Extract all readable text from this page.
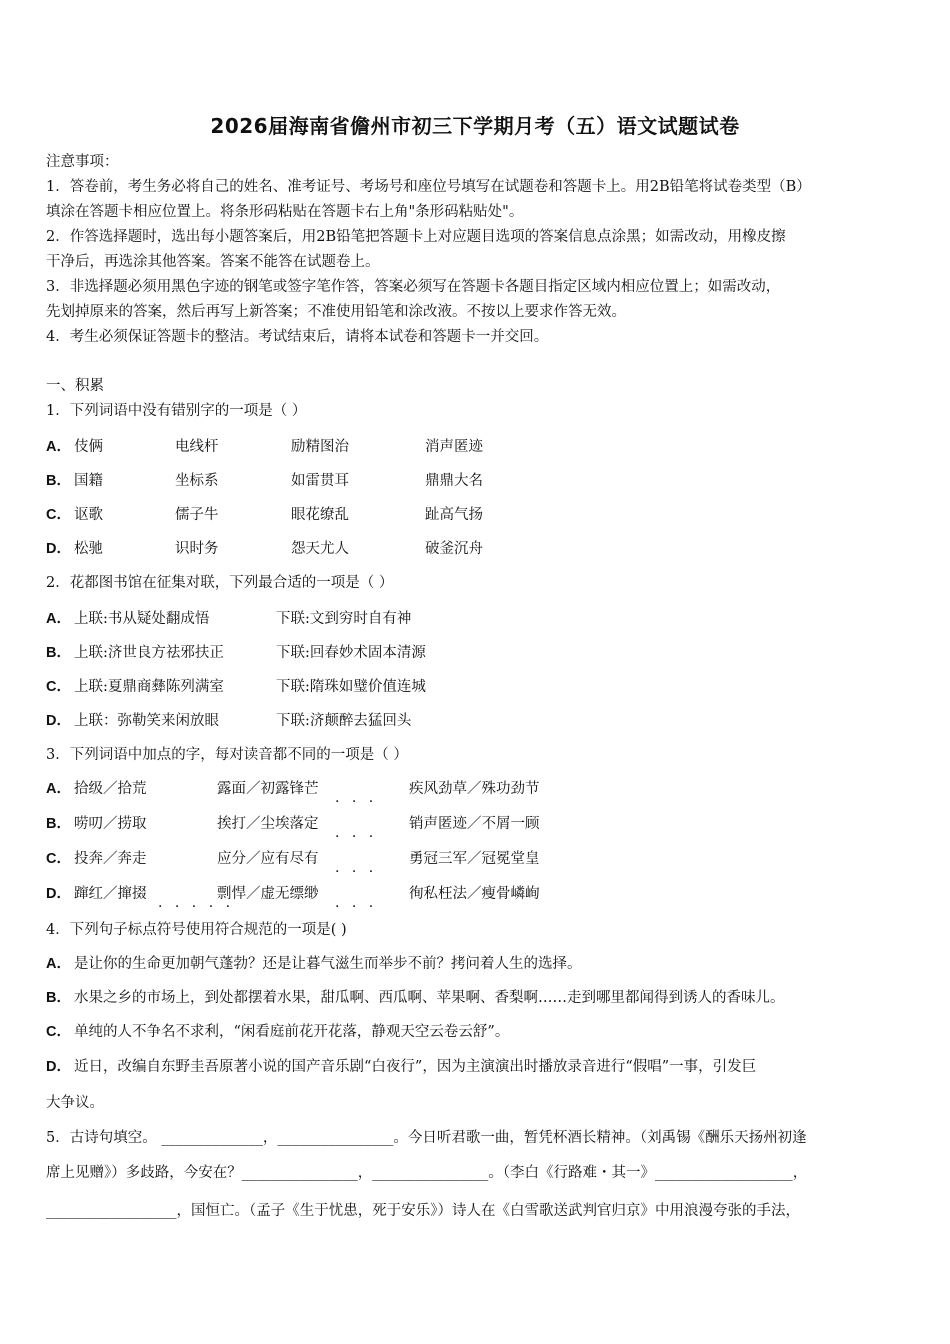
2026届海南省儋州市初三下学期月考（五）语文试题试卷
注意事项：
1．答卷前，考生务必将自己的姓名、准考证号、考场号和座位号填写在试题卷和答题卡上。用2B铅笔将试卷类型（B）
填涂在答题卡相应位置上。将条形码粘贴在答题卡右上角"条形码粘贴处"。
2．作答选择题时，选出每小题答案后，用2B铅笔把答题卡上对应题目选项的答案信息点涂黑；如需改动，用橡皮擦
干净后，再选涂其他答案。答案不能答在试题卷上。
3．非选择题必须用黑色字迹的钢笔或签字笔作答，答案必须写在答题卡各题目指定区域内相应位置上；如需改动，
先划掉原来的答案，然后再写上新答案；不准使用铅笔和涂改液。不按以上要求作答无效。
4．考生必须保证答题卡的整洁。考试结束后，请将本试卷和答题卡一并交回。
一、积累
1．下列词语中没有错别字的一项是（ ）
A． 伎俩	电线杆	励精图治	消声匿迹
B． 国籍	坐标系	如雷贯耳	鼎鼎大名
C． 讴歌	儒子牛	眼花缭乱	趾高气扬
D． 松驰	识时务	怨天尤人	破釜沉舟
2．花都图书馆在征集对联，下列最合适的一项是（ ）
A． 上联:书从疑处翻成悟	下联:文到穷时自有神
B． 上联:济世良方祛邪扶正	下联:回春妙术固本清源
C． 上联:夏鼎商彝陈列满室	下联:隋珠如璧价值连城
D． 上联：弥勒笑来闲放眼	下联:济颠醉去猛回头
3．下列词语中加点的字，每对读音都不同的一项是（ ）
A． 拾级／拾荒	露面／初露锋芒	疾风劲草／殊功劲节
. . .
B． 唠叨／捞取	挨打／尘埃落定	销声匿迹／不屑一顾
. . .
C． 投奔／奔走	应分／应有尽有	勇冠三军／冠冕堂皇
. . .
D． 蹿红／撺掇	剽悍／虚无缥缈	徇私枉法／瘦骨嶙峋
. . . . .	. . .
4．下列句子标点符号使用符合规范的一项是( )
A． 是让你的生命更加朝气蓬勃？还是让暮气滋生而举步不前？拷问着人生的选择。
B． 水果之乡的市场上，到处都摆着水果，甜瓜啊、西瓜啊、苹果啊、香梨啊……走到哪里都闻得到诱人的香味儿。
C． 单纯的人不争名不求利，“闲看庭前花开花落，静观天空云卷云舒”。
D． 近日，改编自东野圭吾原著小说的国产音乐剧“白夜行”，因为主演演出时播放录音进行“假唱”一事，引发巨
大争议。
5．古诗句填空。 ______________，________________。今日听君歌一曲，暂凭杯酒长精神。（刘禹锡《酬乐天扬州初逢
席上见赠》）多歧路，今安在？________________，________________。（李白《行路难・其一》___________________，
__________________，国恒亡。（孟子《生于忧患，死于安乐》）诗人在《白雪歌送武判官归京》中用浪漫夸张的手法，
